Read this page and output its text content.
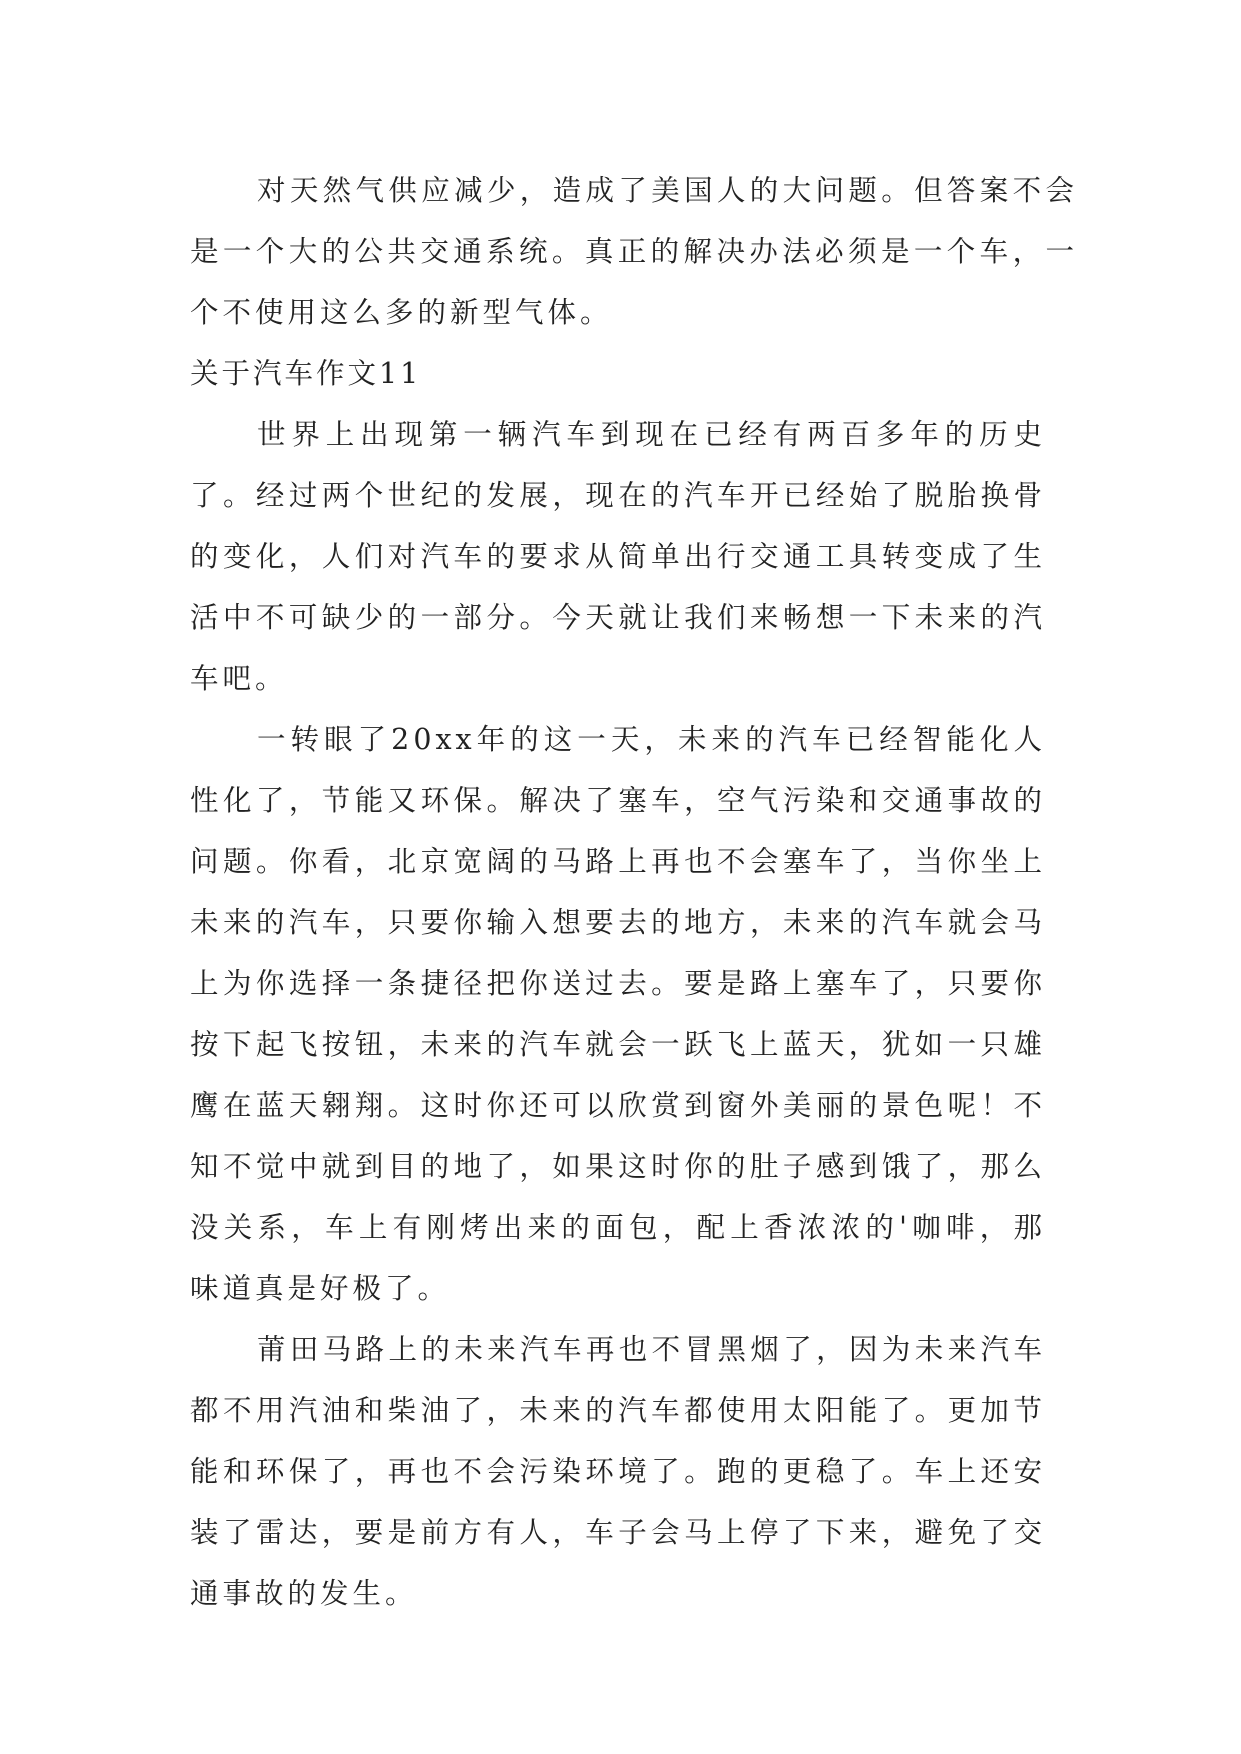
对天然气供应减少，造成了美国人的大问题。但答案不会是一个大的公共交通系统。真正的解决办法必须是一个车，一个不使用这么多的新型气体。

关于汽车作文11

世界上出现第一辆汽车到现在已经有两百多年的历史了。经过两个世纪的发展，现在的汽车开已经始了脱胎换骨的变化，人们对汽车的要求从简单出行交通工具转变成了生活中不可缺少的一部分。今天就让我们来畅想一下未来的汽车吧。

一转眼了20xx年的这一天，未来的汽车已经智能化人性化了，节能又环保。解决了塞车，空气污染和交通事故的问题。你看，北京宽阔的马路上再也不会塞车了，当你坐上未来的汽车，只要你输入想要去的地方，未来的汽车就会马上为你选择一条捷径把你送过去。要是路上塞车了，只要你按下起飞按钮，未来的汽车就会一跃飞上蓝天，犹如一只雄鹰在蓝天翱翔。这时你还可以欣赏到窗外美丽的景色呢！不知不觉中就到目的地了，如果这时你的肚子感到饿了，那么没关系，车上有刚烤出来的面包，配上香浓浓的'咖啡，那味道真是好极了。

莆田马路上的未来汽车再也不冒黑烟了，因为未来汽车都不用汽油和柴油了，未来的汽车都使用太阳能了。更加节能和环保了，再也不会污染环境了。跑的更稳了。车上还安装了雷达，要是前方有人，车子会马上停了下来，避免了交通事故的发生。
